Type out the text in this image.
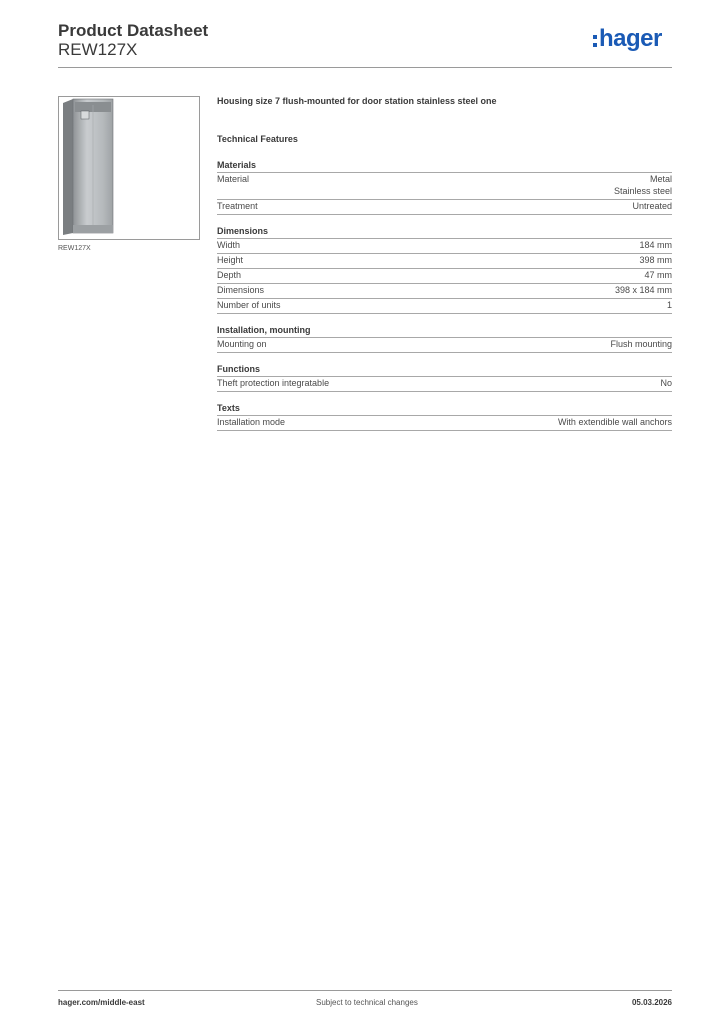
Product Datasheet
REW127X	hager
REW127X
Housing size 7 flush-mounted for door station stainless steel one
Technical Features
Materials
Material	Metal
Stainless steel
Treatment	Untreated
Dimensions
Width	184 mm
Height	398 mm
Depth	47 mm
Dimensions	398 x 184 mm
Number of units	1
Installation, mounting
Mounting on	Flush mounting
Functions
Theft protection integratable	No
Texts
Installation mode	With extendible wall anchors
hager.com/middle-east	Subject to technical changes	05.03.2026
